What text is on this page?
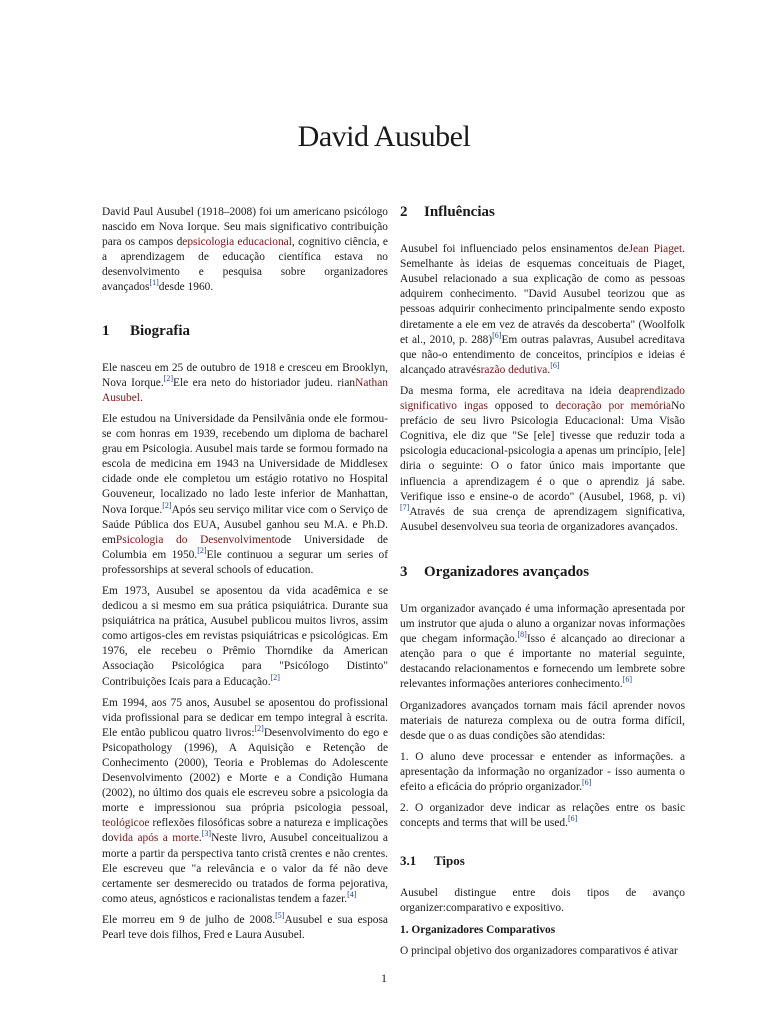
David Ausubel

David Paul Ausubel (1918–2008) foi um americano psicólogo nascido em Nova Iorque. Seu mais significativo contribuição para os campos depsicologia educacional, cognitivo ciência, e a aprendizagem de educação científica estava no desenvolvimento e pesquisa sobre organizadores avançados[1]desde 1960.

1	Biografia

Ele nasceu em 25 de outubro de 1918 e cresceu em Brooklyn, Nova Iorque.[2]Ele era neto do historiador judeu. rianNathan Ausubel.

Ele estudou na Universidade da Pensilvânia onde ele formou-se com honras em 1939, recebendo um diploma de bacharel grau em Psicologia. Ausubel mais tarde se formou formado na escola de medicina em 1943 na Universidade de Middlesex cidade onde ele completou um estágio rotativo no Hospital Gouveneur, localizado no lado leste inferior de Manhattan, Nova Iorque.[2]Após seu serviço militar vice com o Serviço de Saúde Pública dos EUA, Ausubel ganhou seu M.A. e Ph.D. emPsicologia do Desenvolvimentode Universidade de Columbia em 1950.[2]Ele continuou a segurar um series of professorships at several schools of education.

Em 1973, Ausubel se aposentou da vida acadêmica e se dedicou a si mesmo em sua prática psiquiátrica. Durante sua psiquiátrica na prática, Ausubel publicou muitos livros, assim como artigos-cles em revistas psiquiátricas e psicológicas. Em 1976, ele recebeu o Prêmio Thorndike da American Associação Psicológica para "Psicólogo Distinto" Contribuições Icais para a Educação.[2]

Em 1994, aos 75 anos, Ausubel se aposentou do profissional vida profissional para se dedicar em tempo integral à escrita. Ele então publicou quatro livros:[2]Desenvolvimento do ego e Psicopathology (1996), A Aquisição e Retenção de Conhecimento (2000), Teoria e Problemas do Adolescente Desenvolvimento (2002) e Morte e a Condição Humana (2002), no último dos quais ele escreveu sobre a psicologia da morte e impressionou sua própria psicologia pessoal, teológicoe reflexões filosóficas sobre a natureza e implicações dovida após a morte.[3]Neste livro, Ausubel conceitualizou a morte a partir da perspectiva tanto cristã crentes e não crentes. Ele escreveu que "a relevância e o valor da fé não deve certamente ser desmerecido ou tratados de forma pejorativa, como ateus, agnósticos e racionalistas tendem a fazer.[4]

Ele morreu em 9 de julho de 2008.[5]Ausubel e sua esposa Pearl teve dois filhos, Fred e Laura Ausubel.

2	Influências

Ausubel foi influenciado pelos ensinamentos deJean Piaget. Semelhante às ideias de esquemas conceituais de Piaget, Ausubel relacionado a sua explicação de como as pessoas adquirem conhecimento. "David Ausubel teorizou que as pessoas adquirir conhecimento principalmente sendo exposto diretamente a ele em vez de através da descoberta" (Woolfolk et al., 2010, p. 288)[6]Em outras palavras, Ausubel acreditava que não-o entendimento de conceitos, princípios e ideias é alcançado atravésrazão dedutiva.[6]

Da mesma forma, ele acreditava na ideia deaprendizado significativo ingas opposed to decoração por memóriaNo prefácio de seu livro Psicologia Educacional: Uma Visão Cognitiva, ele diz que "Se [ele] tivesse que reduzir toda a psicologia educacional-psicologia a apenas um princípio, [ele] diria o seguinte: O o fator único mais importante que influencia a aprendizagem é o que o aprendiz já sabe. Verifique isso e ensine-o de acordo" (Ausubel, 1968, p. vi)[7]Através de sua crença de aprendizagem significativa, Ausubel desenvolveu sua teoria de organizadores avançados.

3	Organizadores avançados

Um organizador avançado é uma informação apresentada por um instrutor que ajuda o aluno a organizar novas informações que chegam informação.[8]Isso é alcançado ao direcionar a atenção para o que é importante no material seguinte, destacando relacionamentos e fornecendo um lembrete sobre relevantes informações anteriores conhecimento.[6]

Organizadores avançados tornam mais fácil aprender novos materiais de natureza complexa ou de outra forma difícil, desde que o as duas condições são atendidas:

1. O aluno deve processar e entender as informações. a apresentação da informação no organizador - isso aumenta o efeito a eficácia do próprio organizador.[6]

2. O organizador deve indicar as relações entre os basic concepts and terms that will be used.[6]

3.1	Tipos

Ausubel distingue entre dois tipos de avanço organizer:comparativo e expositivo.

1. Organizadores Comparativos

O principal objetivo dos organizadores comparativos é ativar

1
